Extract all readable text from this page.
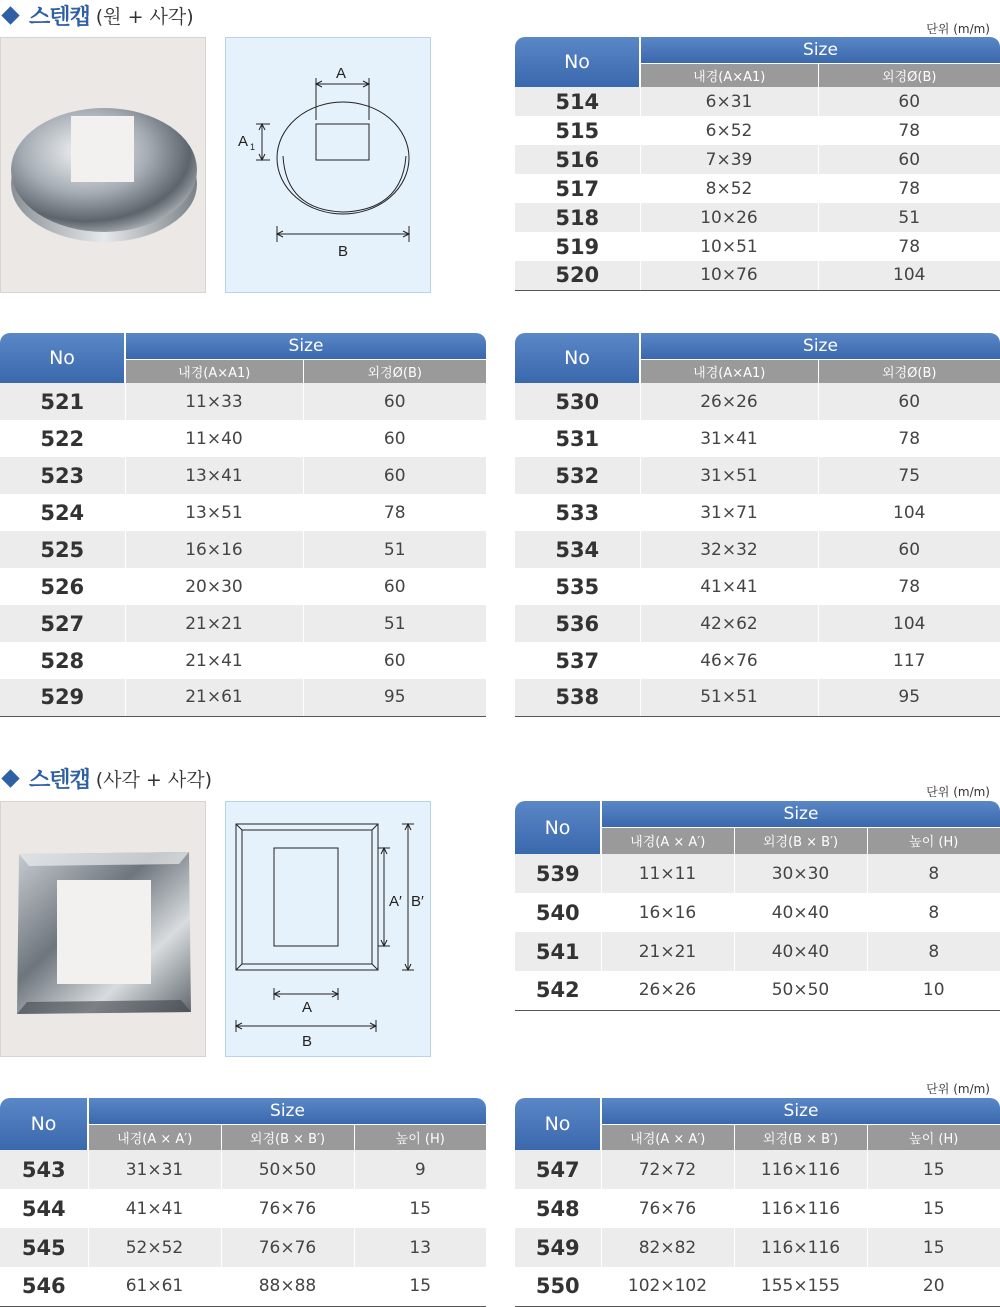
스텐캡 (원 + 사각)
단위 (m/m)
A
A 1
B
No	Size	
	내경(A×A1)	외경Ø(B)
514	6×31	60
515	6×52	78
516	7×39	60
517	8×52	78
518	10×26	51
519	10×51	78
520	10×76	104
No	Size	
	내경(A×A1)	외경Ø(B)
521	11×33	60
522	11×40	60
523	13×41	60
524	13×51	78
525	16×16	51
526	20×30	60
527	21×21	51
528	21×41	60
529	21×61	95
No	Size	
	내경(A×A1)	외경Ø(B)
530	26×26	60
531	31×41	78
532	31×51	75
533	31×71	104
534	32×32	60
535	41×41	78
536	42×62	104
537	46×76	117
538	51×51	95
스텐캡 (사각 + 사각)
단위 (m/m)
A
B
A′ B′
No	Size		
	내경(A × A′)	외경(B × B′)	높이 (H)
539	11×11	30×30	8
540	16×16	40×40	8
541	21×21	40×40	8
542	26×26	50×50	10
단위 (m/m)
No	Size		
	내경(A × A′)	외경(B × B′)	높이 (H)
543	31×31	50×50	9
544	41×41	76×76	15
545	52×52	76×76	13
546	61×61	88×88	15
No	Size		
	내경(A × A′)	외경(B × B′)	높이 (H)
547	72×72	116×116	15
548	76×76	116×116	15
549	82×82	116×116	15
550	102×102	155×155	20
